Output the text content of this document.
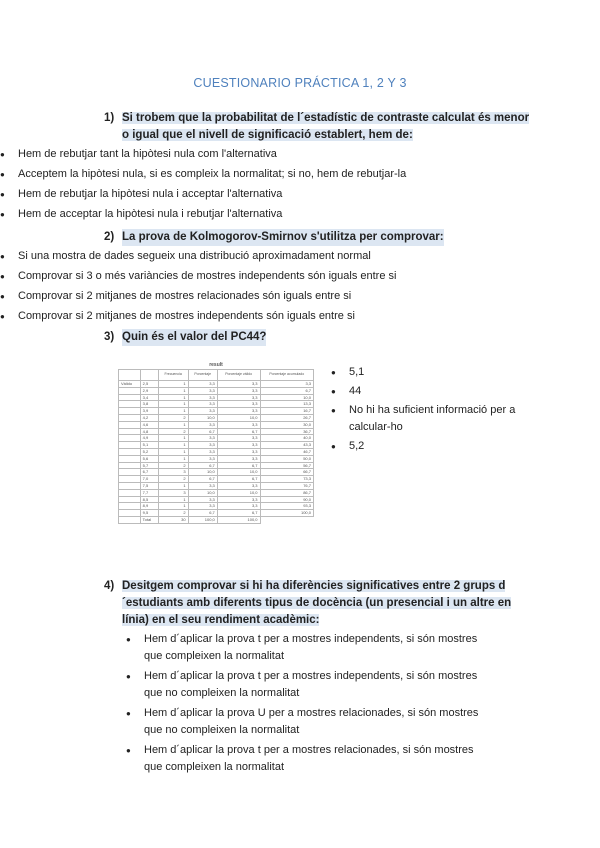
CUESTIONARIO PRÁCTICA 1, 2 Y 3
1) Si trobem que la probabilitat de l´estadístic de contraste calculat és menor o igual que el nivell de significació establert, hem de:
● Hem de rebutjar tant la hipòtesi nula com l'alternativa
● Acceptem la hipòtesi nula, si es compleix la normalitat; si no, hem de rebutjar-la
● Hem de rebutjar la hipòtesi nula i acceptar l'alternativa
● Hem de acceptar la hipòtesi nula i rebutjar l'alternativa
2) La prova de Kolmogorov-Smirnov s'utilitza per comprovar:
● Si una mostra de dades segueix una distribució aproximadament normal
● Comprovar si 3 o més variàncies de mostres independents són iguals entre si
● Comprovar si 2 mitjanes de mostres relacionades són iguals entre si
● Comprovar si 2 mitjanes de mostres independents són iguals entre si
3) Quin és el valor del PC44?
result
		Frecuencia	Porcentaje	Porcentaje válido	Porcentaje acumulado
Válido	2,5	1	3,3	3,3	3,3
	2,9	1	3,3	3,3	6,7
	3,4	1	3,3	3,3	10,0
	3,8	1	3,3	3,3	13,3
	3,9	1	3,3	3,3	16,7
	4,2	2	10,0	10,0	26,7
	4,6	1	3,3	3,3	30,0
	4,8	2	6,7	6,7	36,7
	4,9	1	3,3	3,3	40,0
	5,1	1	3,3	3,3	43,3
	5,2	1	3,3	3,3	46,7
	5,6	1	3,3	3,3	50,0
	5,7	2	6,7	6,7	56,7
	6,7	3	10,0	10,0	66,7
	7,0	2	6,7	6,7	73,3
	7,5	1	3,3	3,3	76,7
	7,7	3	10,0	10,0	86,7
	8,5	1	3,3	3,3	90,0
	8,9	1	3,3	3,3	93,3
	9,5	2	6,7	6,7	100,0
	Total	30	100,0	100,0	
● 5,1
● 44
● No hi ha suficient informació per a calcular-ho
● 5,2
4) Desitgem comprovar si hi ha diferències significatives entre 2 grups d´estudiants amb diferents tipus de docència (un presencial i un altre en línia) en el seu rendiment acadèmic:
● Hem d´aplicar la prova t per a mostres independents, si són mostres que compleixen la normalitat
● Hem d´aplicar la prova t per a mostres independents, si són mostres que no compleixen la normalitat
● Hem d´aplicar la prova U per a mostres relacionades, si són mostres que no compleixen la normalitat
● Hem d´aplicar la prova t per a mostres relacionades, si són mostres que compleixen la normalitat
